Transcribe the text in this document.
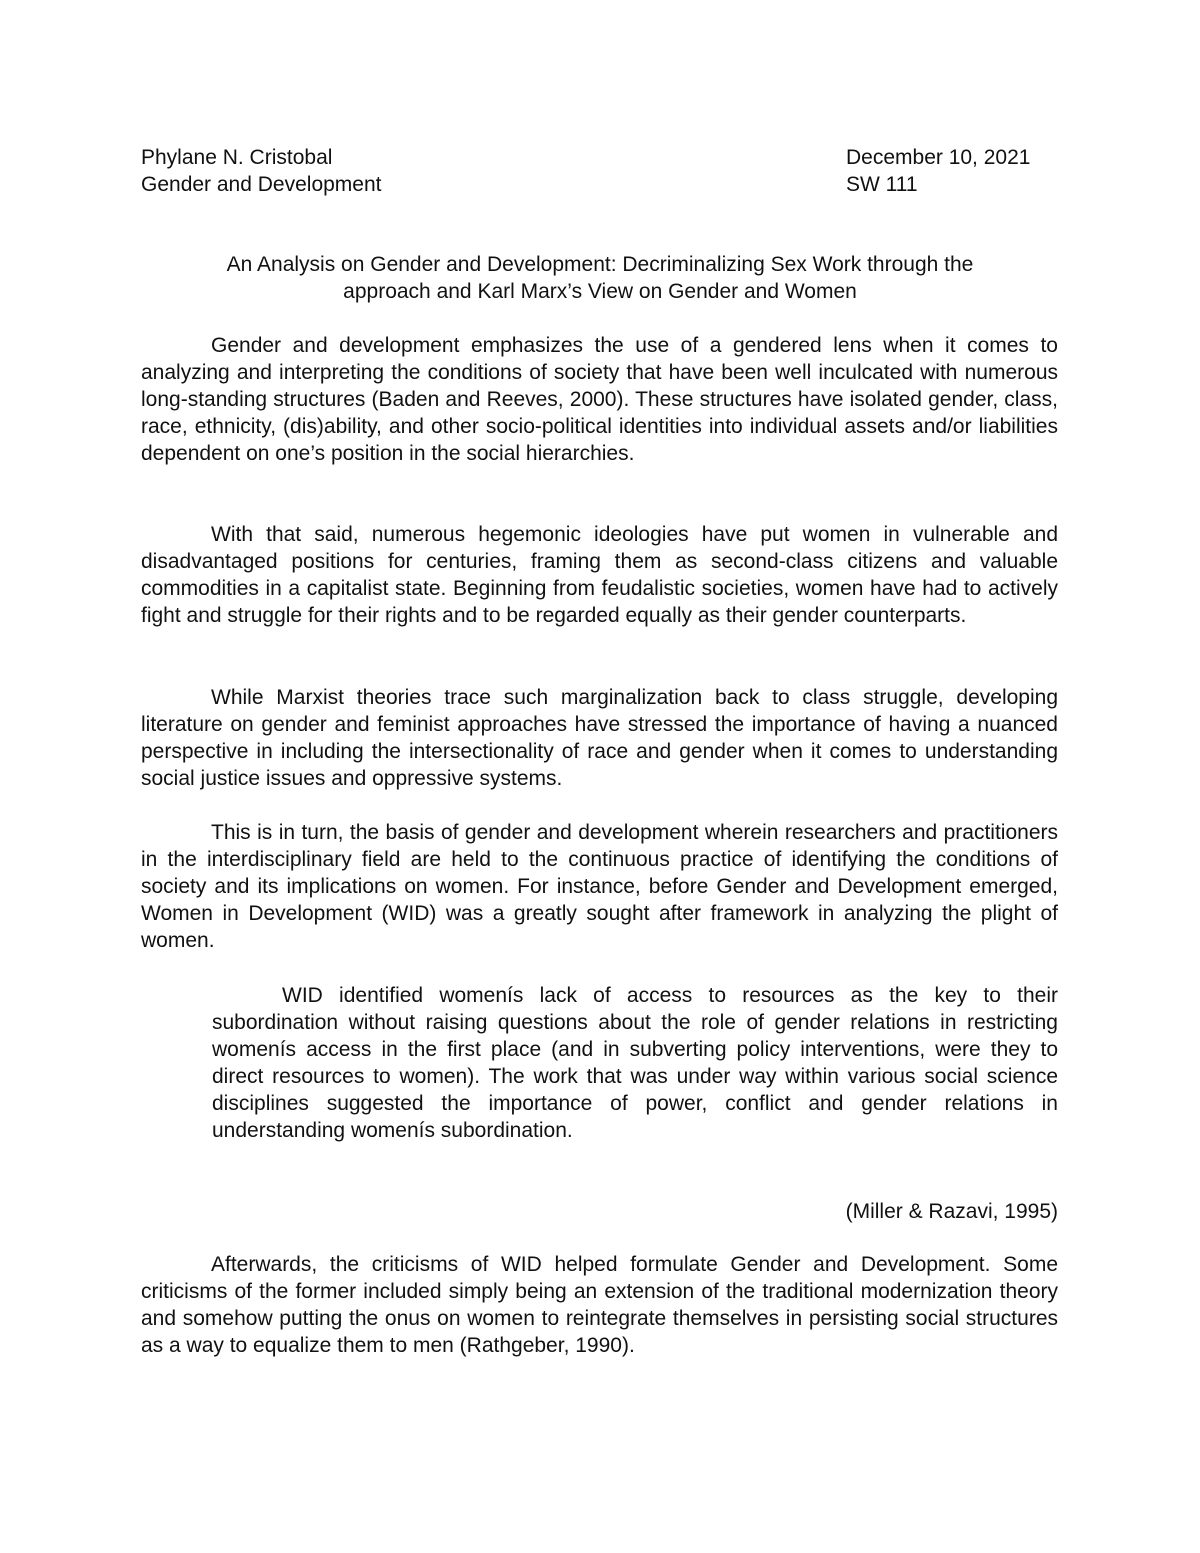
Phylane N. Cristobal	December 10, 2021
Gender and Development	SW 111
An Analysis on Gender and Development: Decriminalizing Sex Work through the
approach and Karl Marx’s View on Gender and Women

Gender and development emphasizes the use of a gendered lens when it comes to analyzing and interpreting the conditions of society that have been well inculcated with numerous long-standing structures (Baden and Reeves, 2000). These structures have isolated gender, class, race, ethnicity, (dis)ability, and other socio-political identities into individual assets and/or liabilities dependent on one’s position in the social hierarchies.

With that said, numerous hegemonic ideologies have put women in vulnerable and disadvantaged positions for centuries, framing them as second-class citizens and valuable commodities in a capitalist state. Beginning from feudalistic societies, women have had to actively fight and struggle for their rights and to be regarded equally as their gender counterparts.

While Marxist theories trace such marginalization back to class struggle, developing literature on gender and feminist approaches have stressed the importance of having a nuanced perspective in including the intersectionality of race and gender when it comes to understanding social justice issues and oppressive systems.

This is in turn, the basis of gender and development wherein researchers and practitioners in the interdisciplinary field are held to the continuous practice of identifying the conditions of society and its implications on women. For instance, before Gender and Development emerged, Women in Development (WID) was a greatly sought after framework in analyzing the plight of women.

WID identified womenís lack of access to resources as the key to their subordination without raising questions about the role of gender relations in restricting womenís access in the first place (and in subverting policy interventions, were they to direct resources to women). The work that was under way within various social science disciplines suggested the importance of power, conflict and gender relations in understanding womenís subordination.

(Miller & Razavi, 1995)

Afterwards, the criticisms of WID helped formulate Gender and Development. Some criticisms of the former included simply being an extension of the traditional modernization theory and somehow putting the onus on women to reintegrate themselves in persisting social structures as a way to equalize them to men (Rathgeber, 1990).
